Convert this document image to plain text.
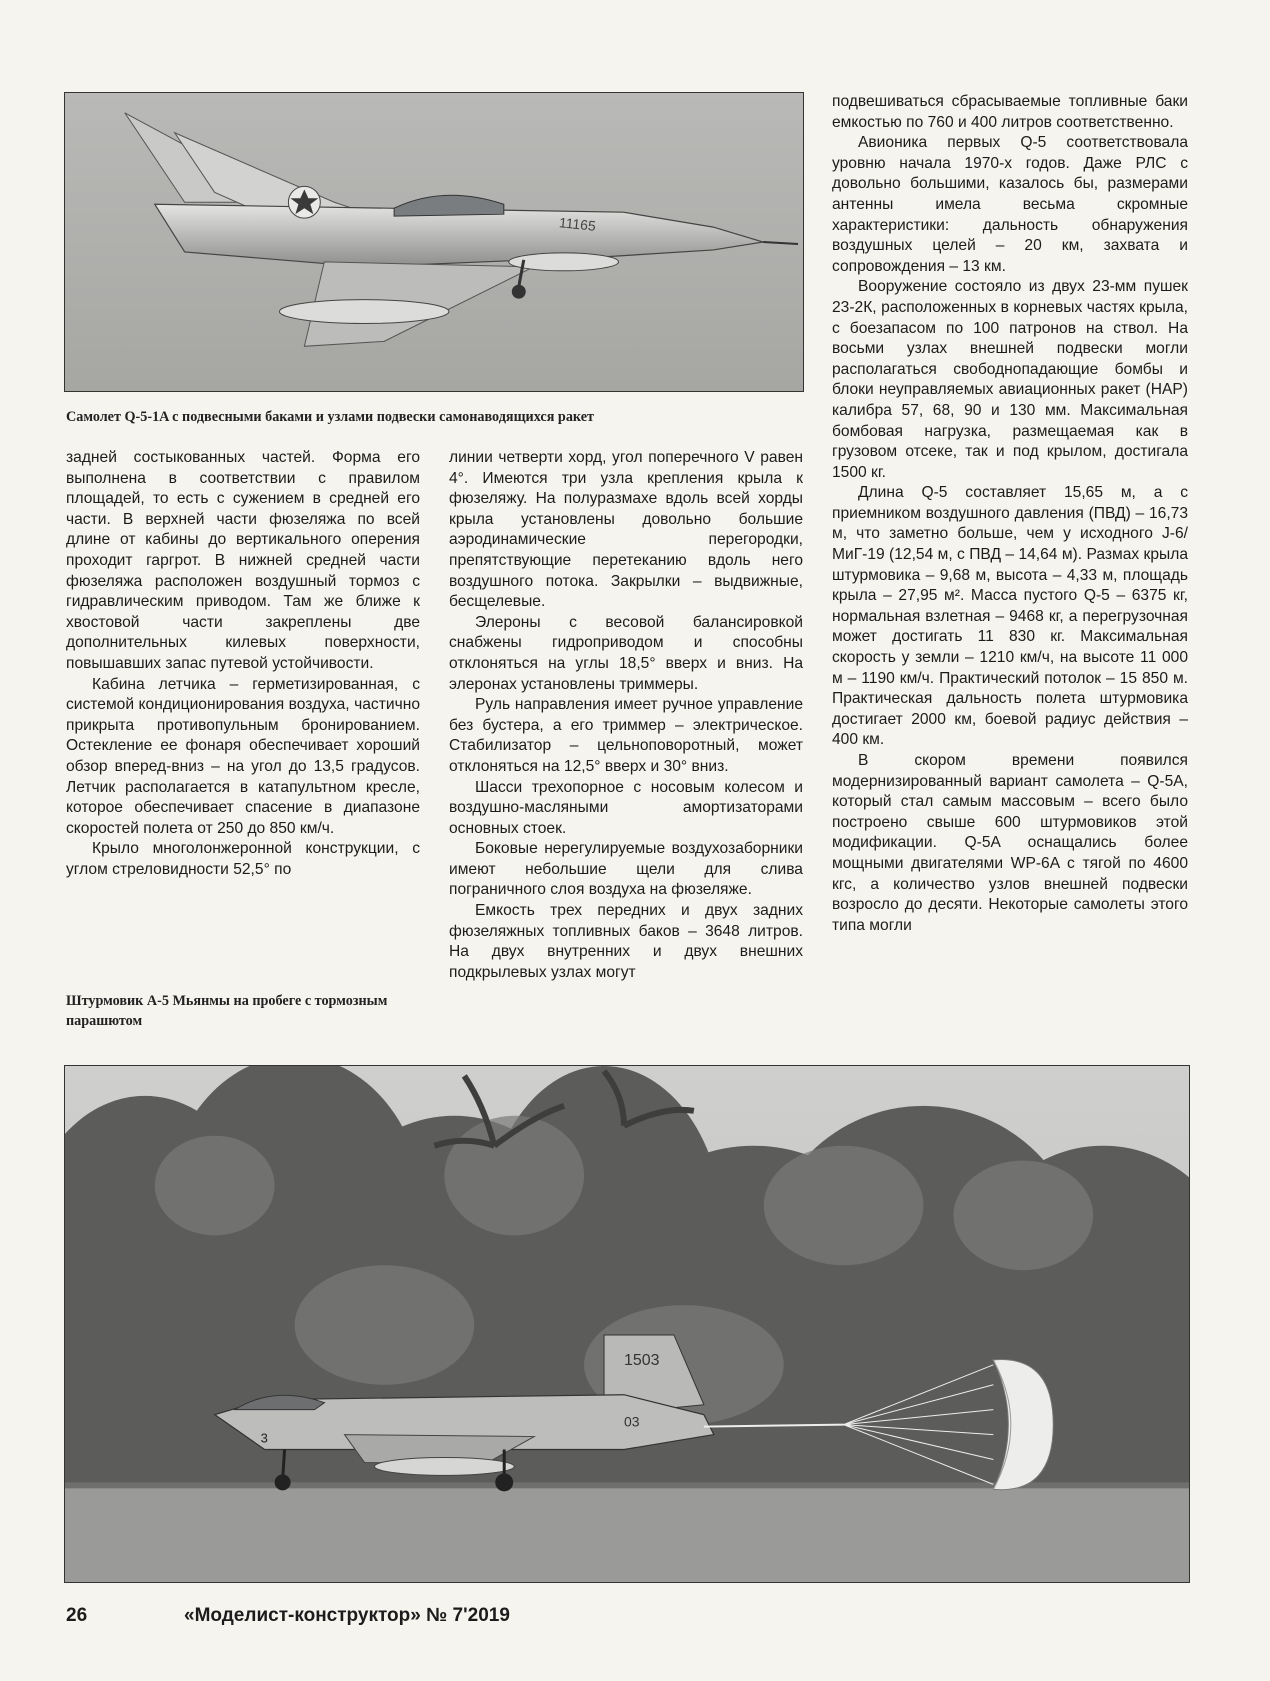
11165
Самолет Q-5-1A с подвесными баками и узлами подвески самонаводящихся ракет

задней состыкованных частей. Форма его выполнена в соответствии с правилом площадей, то есть с сужением в средней его части. В верхней части фюзеляжа по всей длине от кабины до вертикального оперения проходит гаргрот. В нижней средней части фюзеляжа расположен воздушный тормоз с гидравлическим приводом. Там же ближе к хвостовой части закреплены две дополнительных килевых поверхности, повышавших запас путевой устойчивости.

Кабина летчика – герметизированная, с системой кондиционирования воздуха, частично прикрыта противопульным бронированием. Остекление ее фонаря обеспечивает хороший обзор вперед-вниз – на угол до 13,5 градусов. Летчик располагается в катапультном кресле, которое обеспечивает спасение в диапазоне скоростей полета от 250 до 850 км/ч.

Крыло многолонжеронной конструкции, с углом стреловидности 52,5° по

Штурмовик А-5 Мьянмы на пробеге с тормозным парашютом

линии четверти хорд, угол поперечного V равен 4°. Имеются три узла крепления крыла к фюзеляжу. На полуразмахе вдоль всей хорды крыла установлены довольно большие аэродинамические перегородки, препятствующие перетеканию вдоль него воздушного потока. Закрылки – выдвижные, бесщелевые.

Элероны с весовой балансировкой снабжены гидроприводом и способны отклоняться на углы 18,5° вверх и вниз. На элеронах установлены триммеры.

Руль направления имеет ручное управление без бустера, а его триммер – электрическое. Стабилизатор – цельноповоротный, может отклоняться на 12,5° вверх и 30° вниз.

Шасси трехопорное с носовым колесом и воздушно-масляными амортизаторами основных стоек.

Боковые нерегулируемые воздухозаборники имеют небольшие щели для слива пограничного слоя воздуха на фюзеляже.

Емкость трех передних и двух задних фюзеляжных топливных баков – 3648 литров. На двух внутренних и двух внешних подкрылевых узлах могут

подвешиваться сбрасываемые топливные баки емкостью по 760 и 400 литров соответственно.

Авионика первых Q-5 соответствовала уровню начала 1970-х годов. Даже РЛС с довольно большими, казалось бы, размерами антенны имела весьма скромные характеристики: дальность обнаружения воздушных целей – 20 км, захвата и сопровождения – 13 км.

Вооружение состояло из двух 23-мм пушек 23-2К, расположенных в корневых частях крыла, с боезапасом по 100 патронов на ствол. На восьми узлах внешней подвески могли располагаться свободнопадающие бомбы и блоки неуправляемых авиационных ракет (НАР) калибра 57, 68, 90 и 130 мм. Максимальная бомбовая нагрузка, размещаемая как в грузовом отсеке, так и под крылом, достигала 1500 кг.

Длина Q-5 составляет 15,65 м, а с приемником воздушного давления (ПВД) – 16,73 м, что заметно больше, чем у исходного J-6/МиГ-19 (12,54 м, с ПВД – 14,64 м). Размах крыла штурмовика – 9,68 м, высота – 4,33 м, площадь крыла – 27,95 м². Масса пустого Q-5 – 6375 кг, нормальная взлетная – 9468 кг, а перегрузочная может достигать 11 830 кг. Максимальная скорость у земли – 1210 км/ч, на высоте 11 000 м – 1190 км/ч. Практический потолок – 15 850 м. Практическая дальность полета штурмовика достигает 2000 км, боевой радиус действия – 400 км.

В скором времени появился модернизированный вариант самолета – Q-5A, который стал самым массовым – всего было построено свыше 600 штурмовиков этой модификации. Q-5A оснащались более мощными двигателями WP-6A с тягой по 4600 кгс, а количество узлов внешней подвески возросло до десяти. Некоторые самолеты этого типа могли

1503
03
3
26	«Моделист-конструктор» № 7'2019
